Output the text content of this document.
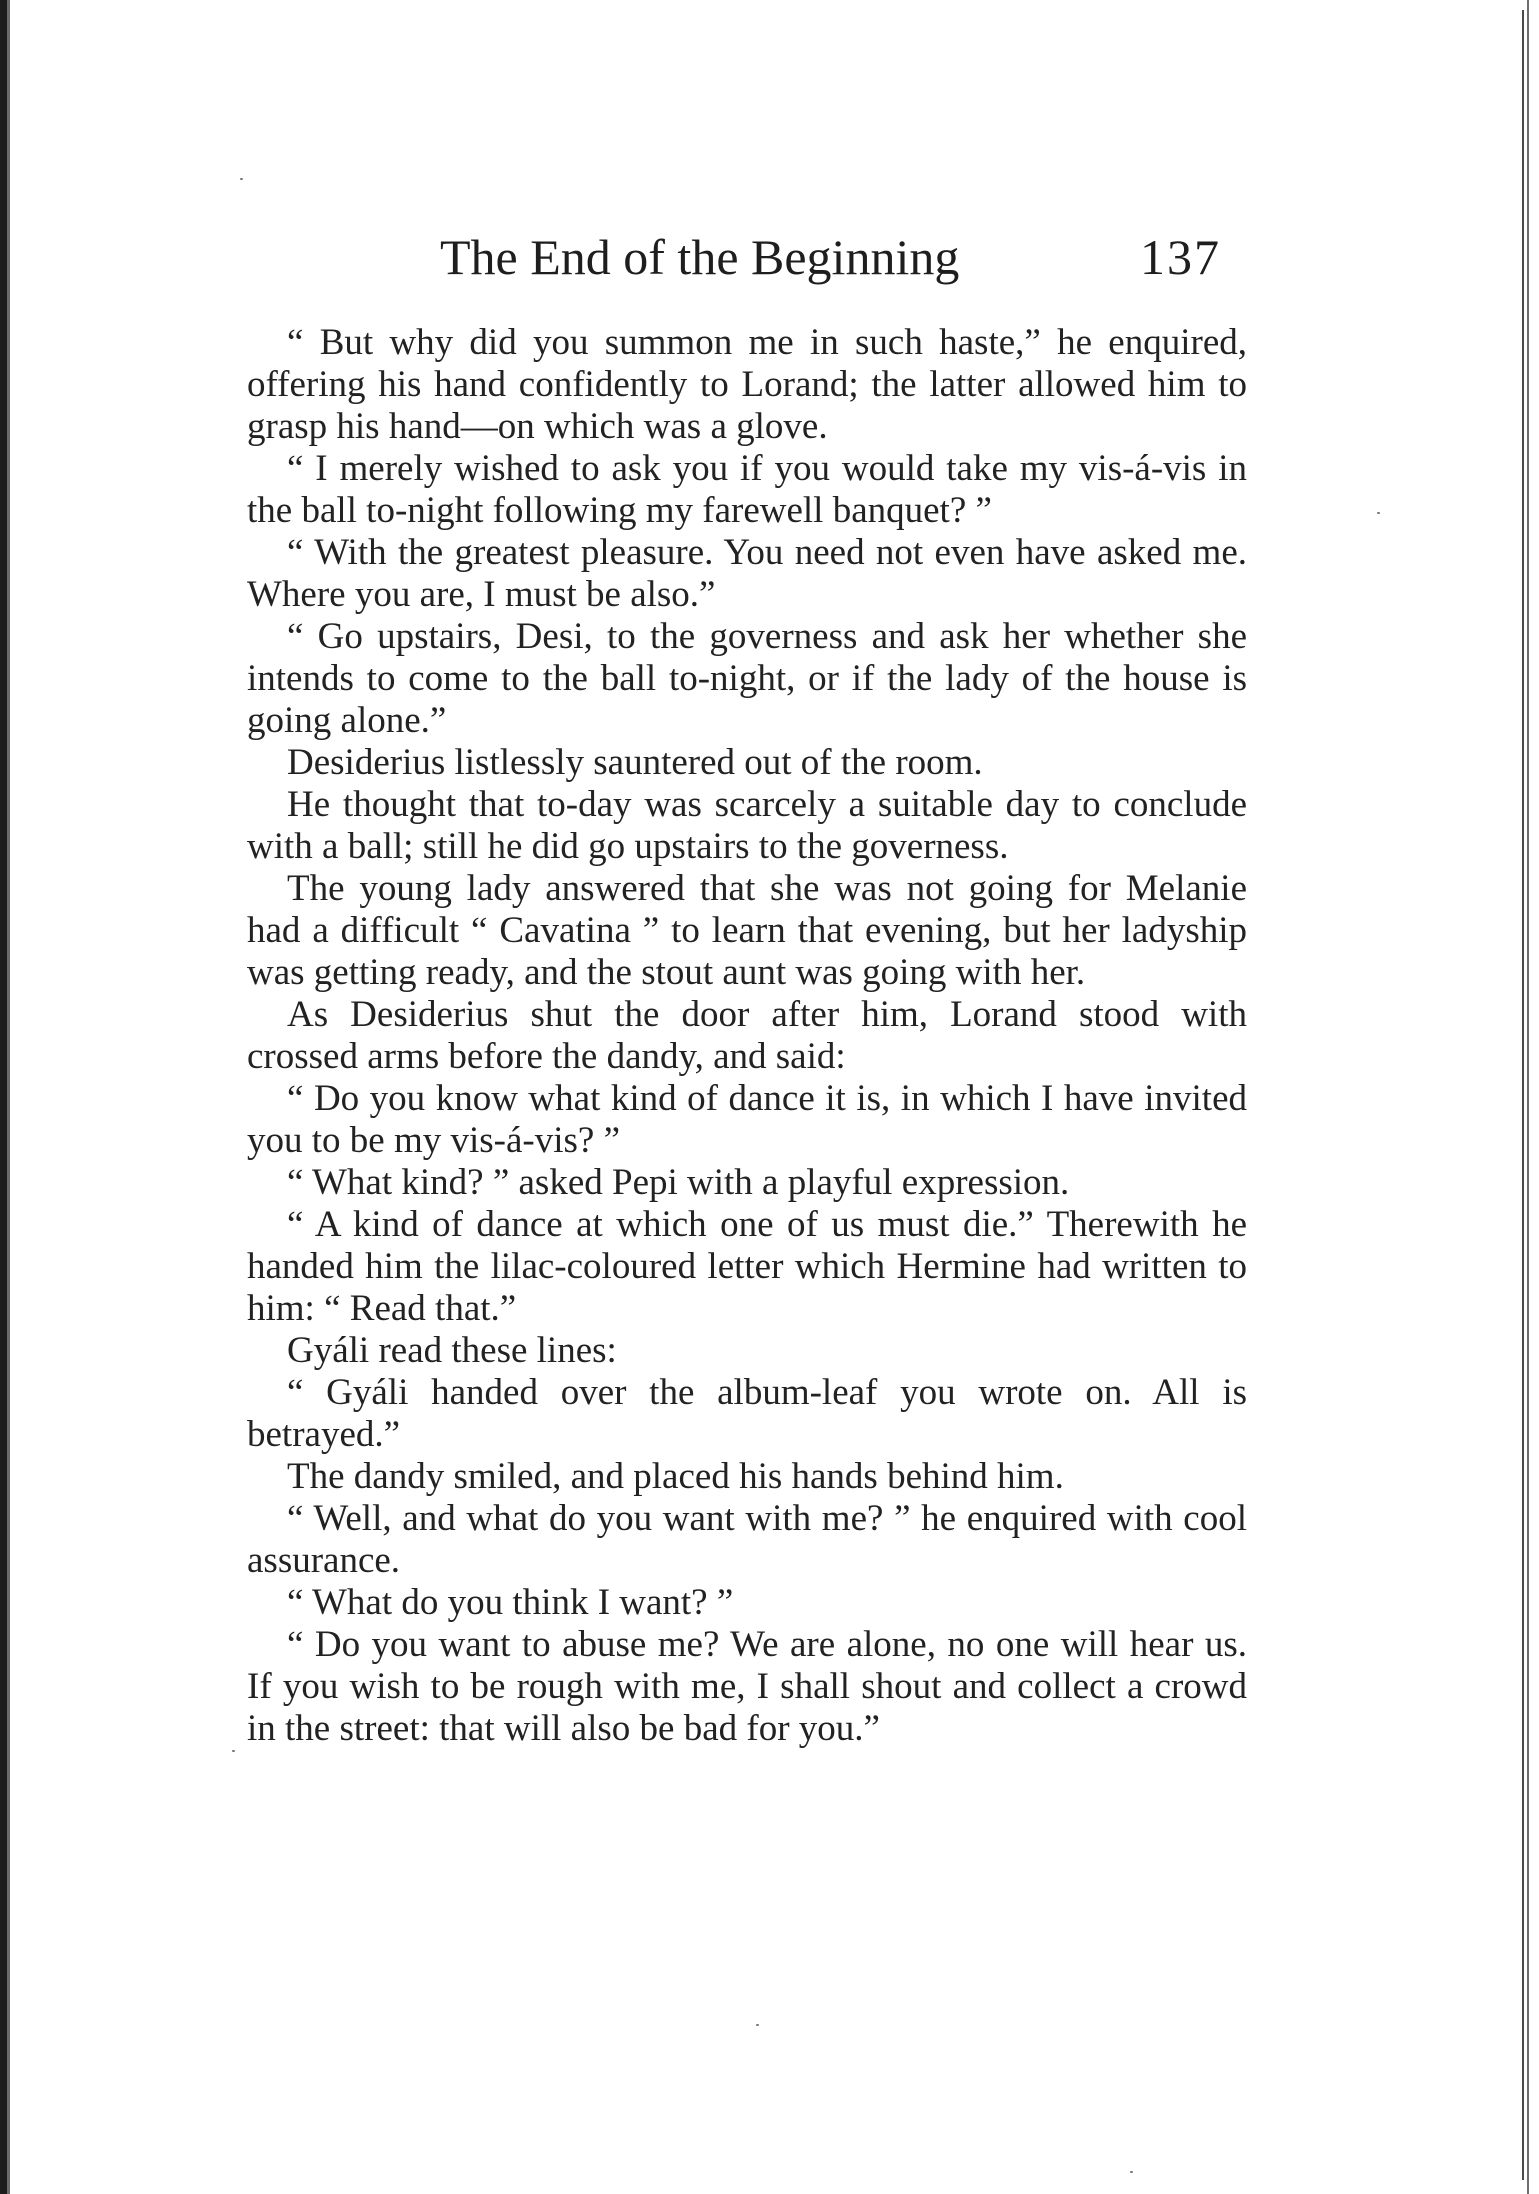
The End of the Beginning	137

“ But why did you summon me in such haste,” he enquired, offering his hand confidently to Lorand; the latter allowed him to grasp his hand—on which was a glove.

“ I merely wished to ask you if you would take my vis-á-vis in the ball to-night following my farewell banquet? ”

“ With the greatest pleasure. You need not even have asked me. Where you are, I must be also.”

“ Go upstairs, Desi, to the governess and ask her whether she intends to come to the ball to-night, or if the lady of the house is going alone.”

Desiderius listlessly sauntered out of the room.

He thought that to-day was scarcely a suitable day to conclude with a ball; still he did go upstairs to the governess.

The young lady answered that she was not going for Melanie had a difficult “ Cavatina ” to learn that evening, but her ladyship was getting ready, and the stout aunt was going with her.

As Desiderius shut the door after him, Lorand stood with crossed arms before the dandy, and said:

“ Do you know what kind of dance it is, in which I have invited you to be my vis-á-vis? ”

“ What kind? ” asked Pepi with a playful expression.

“ A kind of dance at which one of us must die.” Therewith he handed him the lilac-coloured letter which Hermine had written to him: “ Read that.”

Gyáli read these lines:

“ Gyáli handed over the album-leaf you wrote on. All is betrayed.”

The dandy smiled, and placed his hands behind him.

“ Well, and what do you want with me? ” he enquired with cool assurance.

“ What do you think I want? ”

“ Do you want to abuse me? We are alone, no one will hear us. If you wish to be rough with me, I shall shout and collect a crowd in the street: that will also be bad for you.”
